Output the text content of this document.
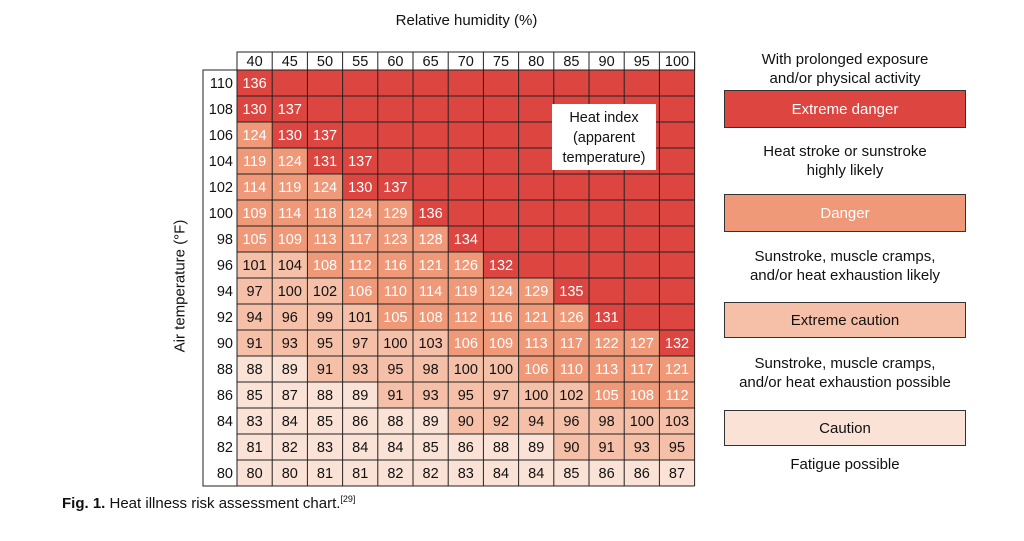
Relative humidity (%)
Air temperature (°F)
40 45 50 55 60 65 70 75 80 85 90 95 100
110
108
106
104
102
100
98
96
94
92
90
88
86
84
82
80
136
130 137
124 130 137
119 124 131 137
114 119 124 130 137
109 114 118 124 129 136
105 109 113 117 123 128 134
101 104 108 112 116 121 126 132
97 100 102 106 110 114 119 124 129 135
94 96 99 101 105 108 112 116 121 126 131
91 93 95 97 100 103 106 109 113 117 122 127 132
88 89 91 93 95 98 100 100 106 110 113 117 121
85 87 88 89 91 93 95 97 100 102 105 108 112
83 84 85 86 88 89 90 92 94 96 98 100 103
81 82 83 84 84 85 86 88 89 90 91 93 95
80 80 81 81 82 82 83 84 84 85 86 86 87
Heat index
(apparent
temperature)
With prolonged exposure
and/or physical activity
Extreme danger
Heat stroke or sunstroke
highly likely
Danger
Sunstroke, muscle cramps,
and/or heat exhaustion likely
Extreme caution
Sunstroke, muscle cramps,
and/or heat exhaustion possible
Caution
Fatigue possible
Fig. 1. Heat illness risk assessment chart.[29]
